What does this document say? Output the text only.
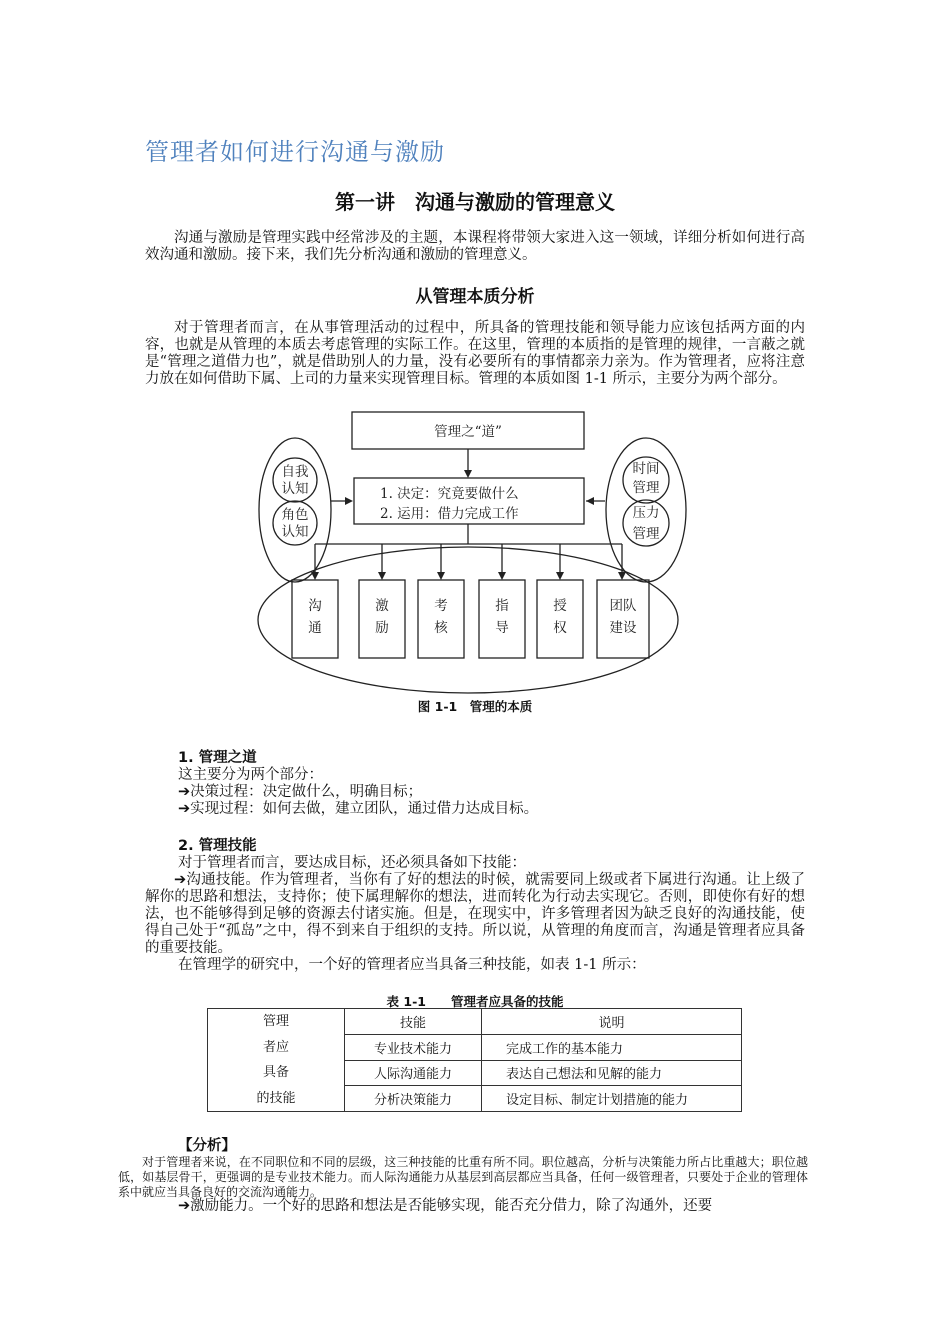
管理者如何进行沟通与激励
第一讲　沟通与激励的管理意义

沟通与激励是管理实践中经常涉及的主题，本课程将带领大家进入这一领域，详细分析如何进行高效沟通和激励。接下来，我们先分析沟通和激励的管理意义。

从管理本质分析

对于管理者而言，在从事管理活动的过程中，所具备的管理技能和领导能力应该包括两方面的内容，也就是从管理的本质去考虑管理的实际工作。在这里，管理的本质指的是管理的规律，一言蔽之就是“管理之道借力也”，就是借助别人的力量，没有必要所有的事情都亲力亲为。作为管理者，应将注意力放在如何借助下属、上司的力量来实现管理目标。管理的本质如图 1-1 所示，主要分为两个部分。

管理之“道”
自我
认知
角色
认知
时间
管理
压力
管理
1. 决定：究竟要做什么
2. 运用：借力完成工作
沟
通
激
励
考
核
指
导
授
权
团队
建设
图 1-1　管理的本质
1. 管理之道
这主要分为两个部分：
➔决策过程：决定做什么，明确目标；
➔实现过程：如何去做，建立团队，通过借力达成目标。
2. 管理技能
对于管理者而言，要达成目标，还必须具备如下技能：

➔沟通技能。作为管理者，当你有了好的想法的时候，就需要同上级或者下属进行沟通。让上级了解你的思路和想法，支持你；使下属理解你的想法，进而转化为行动去实现它。否则，即使你有好的想法，也不能够得到足够的资源去付诸实施。但是，在现实中，许多管理者因为缺乏良好的沟通技能，使得自己处于“孤岛”之中，得不到来自于组织的支持。所以说，从管理的角度而言，沟通是管理者应具备的重要技能。

在管理学的研究中，一个好的管理者应当具备三种技能，如表 1-1 所示：
表 1-1　　管理者应具备的技能
管理
者应
具备
的技能	技能	说明
	专业技术能力	完成工作的基本能力
	人际沟通能力	表达自己想法和见解的能力
	分析决策能力	设定目标、制定计划措施的能力
【分析】

对于管理者来说，在不同职位和不同的层级，这三种技能的比重有所不同。职位越高，分析与决策能力所占比重越大；职位越低，如基层骨干，更强调的是专业技术能力。而人际沟通能力从基层到高层都应当具备，任何一级管理者，只要处于企业的管理体系中就应当具备良好的交流沟通能力。

➔激励能力。一个好的思路和想法是否能够实现，能否充分借力，除了沟通外，还要
